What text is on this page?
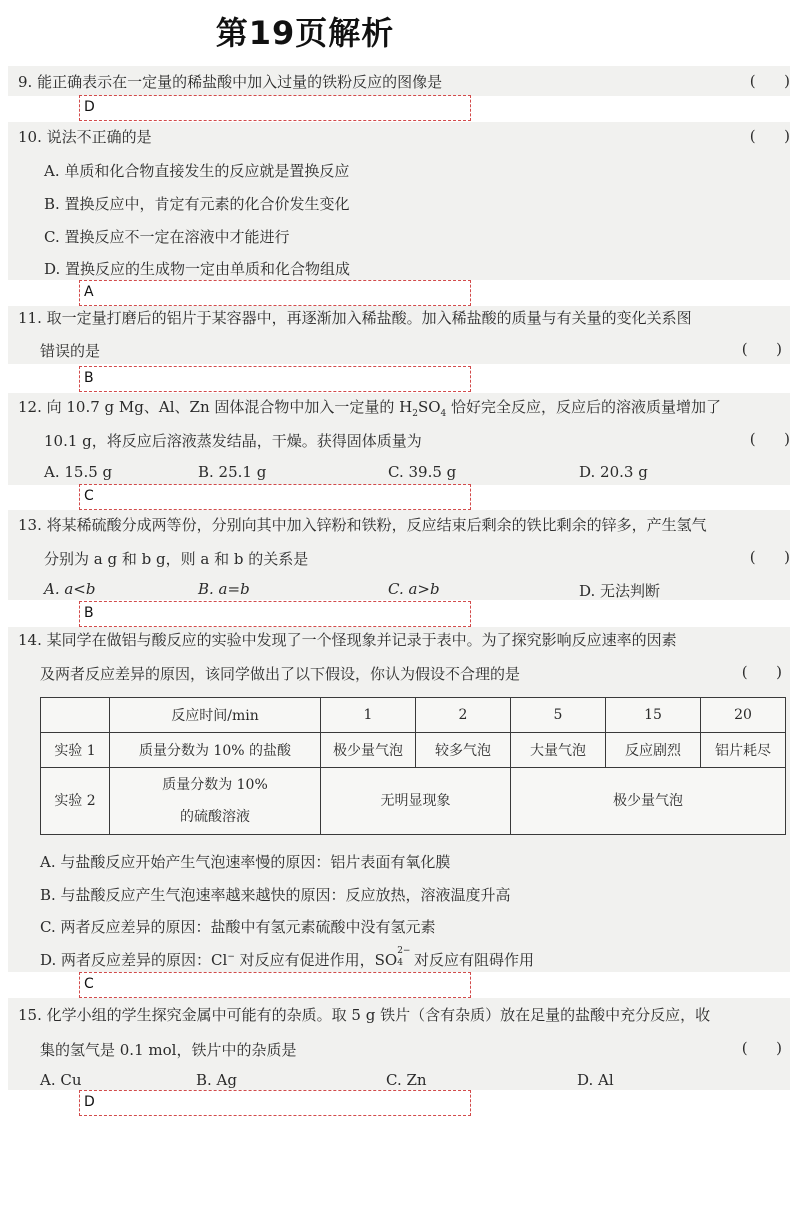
第19页解析
9. 能正确表示在一定量的稀盐酸中加入过量的铁粉反应的图像是	(      )
D
10. 说法不正确的是	(      )
A. 单质和化合物直接发生的反应就是置换反应
B. 置换反应中，肯定有元素的化合价发生变化
C. 置换反应不一定在溶液中才能进行
D. 置换反应的生成物一定由单质和化合物组成
A
11. 取一定量打磨后的铝片于某容器中，再逐渐加入稀盐酸。加入稀盐酸的质量与有关量的变化关系图
错误的是	(      )
B
12. 向 10.7 g Mg、Al、Zn 固体混合物中加入一定量的 $H_2SO_4$ 恰好完全反应，反应后的溶液质量增加了
10.1 g，将反应后溶液蒸发结晶，干燥。获得固体质量为	(      )
A. 15.5 g	B. 25.1 g	C. 39.5 g	D. 20.3 g
C
13. 将某稀硫酸分成两等份，分别向其中加入锌粉和铁粉，反应结束后剩余的铁比剩余的锌多，产生氢气
分别为 a g 和 b g，则 a 和 b 的关系是	(      )
A. a<b	B. a=b	C. a>b	D. 无法判断
B
14. 某同学在做铝与酸反应的实验中发现了一个怪现象并记录于表中。为了探究影响反应速率的因素
及两者反应差异的原因，该同学做出了以下假设，你认为假设不合理的是	(      )
	反应时间/min	1	2	5	15	20
实验 1	质量分数为 10% 的盐酸	极少量气泡	较多气泡	大量气泡	反应剧烈	铝片耗尽
实验 2	质量分数为 10%
的硫酸溶液	无明显现象		极少量气泡		
A. 与盐酸反应开始产生气泡速率慢的原因：铝片表面有氧化膜
B. 与盐酸反应产生气泡速率越来越快的原因：反应放热，溶液温度升高
C. 两者反应差异的原因：盐酸中有氢元素硫酸中没有氢元素
D. 两者反应差异的原因：Cl− 对反应有促进作用，SO 2−
4 对反应有阻碍作用
C
15. 化学小组的学生探究金属中可能有的杂质。取 5 g 铁片（含有杂质）放在足量的盐酸中充分反应，收
集的氢气是 0.1 mol，铁片中的杂质是	(      )
A. Cu	B. Ag	C. Zn	D. Al
D
